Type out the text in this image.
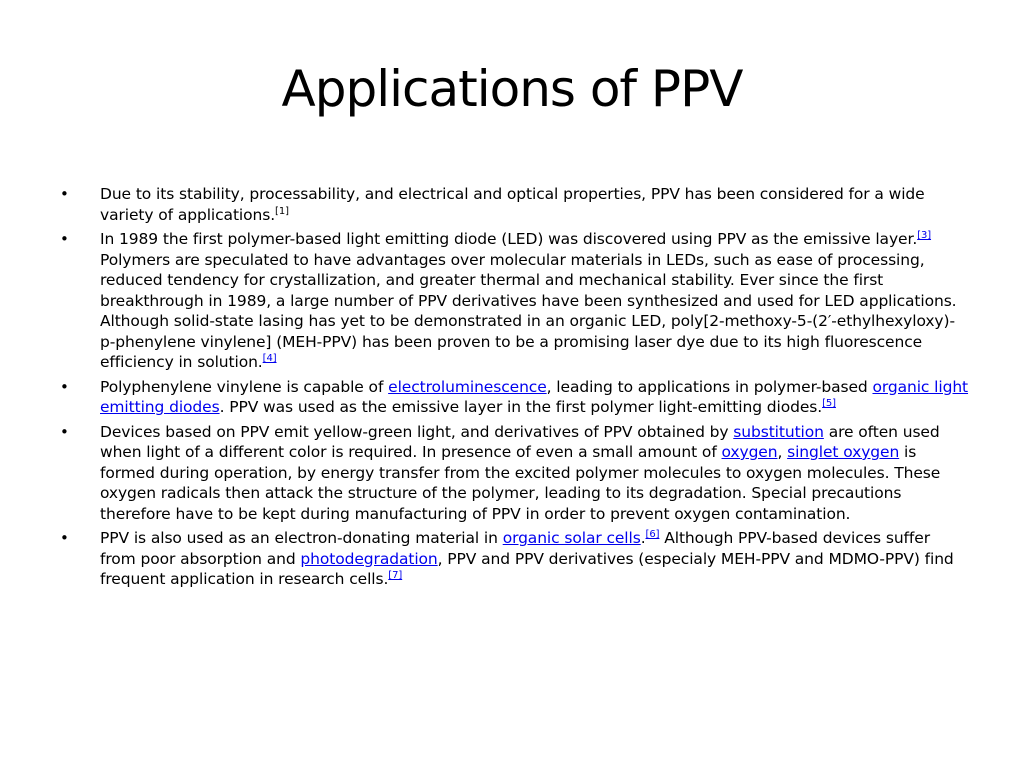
Applications of PPV
•	Due to its stability, processability, and electrical and optical properties, PPV has been considered for a wide variety of applications.[1]
•	In 1989 the first polymer-based light emitting diode (LED) was discovered using PPV as the emissive layer.[3] Polymers are speculated to have advantages over molecular materials in LEDs, such as ease of processing, reduced tendency for crystallization, and greater thermal and mechanical stability. Ever since the first breakthrough in 1989, a large number of PPV derivatives have been synthesized and used for LED applications. Although solid-state lasing has yet to be demonstrated in an organic LED, poly[2-methoxy-5-(2′-ethylhexyloxy)-p-phenylene vinylene] (MEH-PPV) has been proven to be a promising laser dye due to its high fluorescence efficiency in solution.[4]
•	Polyphenylene vinylene is capable of electroluminescence, leading to applications in polymer-based organic light emitting diodes. PPV was used as the emissive layer in the first polymer light-emitting diodes.[5]
•	Devices based on PPV emit yellow-green light, and derivatives of PPV obtained by substitution are often used when light of a different color is required. In presence of even a small amount of oxygen, singlet oxygen is formed during operation, by energy transfer from the excited polymer molecules to oxygen molecules. These oxygen radicals then attack the structure of the polymer, leading to its degradation. Special precautions therefore have to be kept during manufacturing of PPV in order to prevent oxygen contamination.
•	PPV is also used as an electron-donating material in organic solar cells.[6] Although PPV-based devices suffer from poor absorption and photodegradation, PPV and PPV derivatives (especialy MEH-PPV and MDMO-PPV) find frequent application in research cells.[7]
